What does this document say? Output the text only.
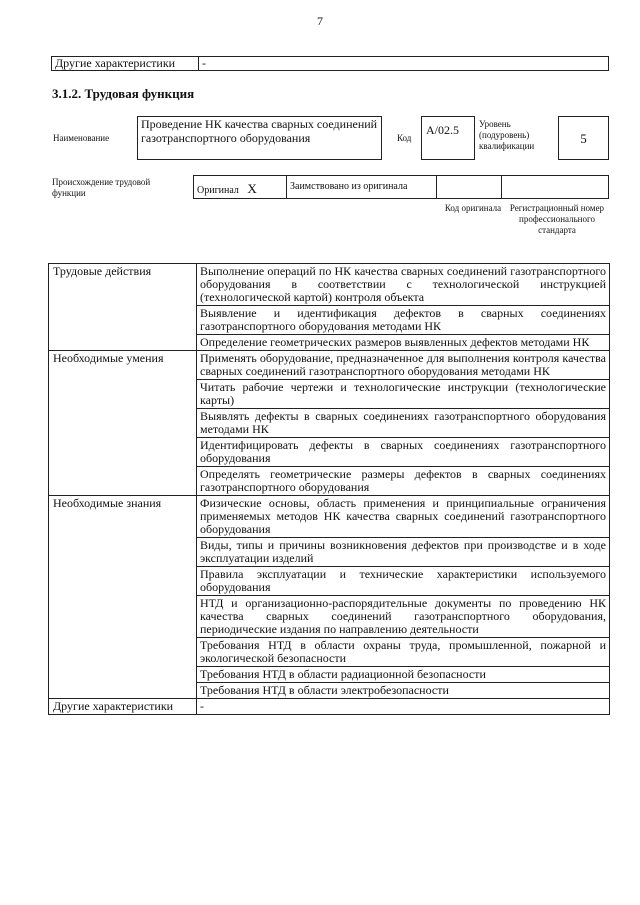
7
Другие характеристики	-
3.1.2. Трудовая функция
Наименование
Проведение НК качества сварных соединений газотранспортного оборудования	Код
A/02.5	Уровень (подуровень) квалификации	5
Происхождение трудовой функции	Оригинал X	Заимствовано из оригинала
Код оригинала Регистрационный номер профессионального стандарта
Трудовые действия	Выполнение операций по НК качества сварных соединений газотранспортного оборудования в соответствии с технологической инструкцией (технологической картой) контроля объекта
	Выявление и идентификация дефектов в сварных соединениях газотранспортного оборудования методами НК
	Определение геометрических размеров выявленных дефектов методами НК
Необходимые умения	Применять оборудование, предназначенное для выполнения контроля качества сварных соединений газотранспортного оборудования методами НК
	Читать рабочие чертежи и технологические инструкции (технологические карты)
	Выявлять дефекты в сварных соединениях газотранспортного оборудования методами НК
	Идентифицировать дефекты в сварных соединениях газотранспортного оборудования
	Определять геометрические размеры дефектов в сварных соединениях газотранспортного оборудования
Необходимые знания	Физические основы, область применения и принципиальные ограничения применяемых методов НК качества сварных соединений газотранспортного оборудования
	Виды, типы и причины возникновения дефектов при производстве и в ходе эксплуатации изделий
	Правила эксплуатации и технические характеристики используемого оборудования
	НТД и организационно-распорядительные документы по проведению НК качества сварных соединений газотранспортного оборудования, периодические издания по направлению деятельности
	Требования НТД в области охраны труда, промышленной, пожарной и экологической безопасности
	Требования НТД в области радиационной безопасности
	Требования НТД в области электробезопасности
Другие характеристики	-
